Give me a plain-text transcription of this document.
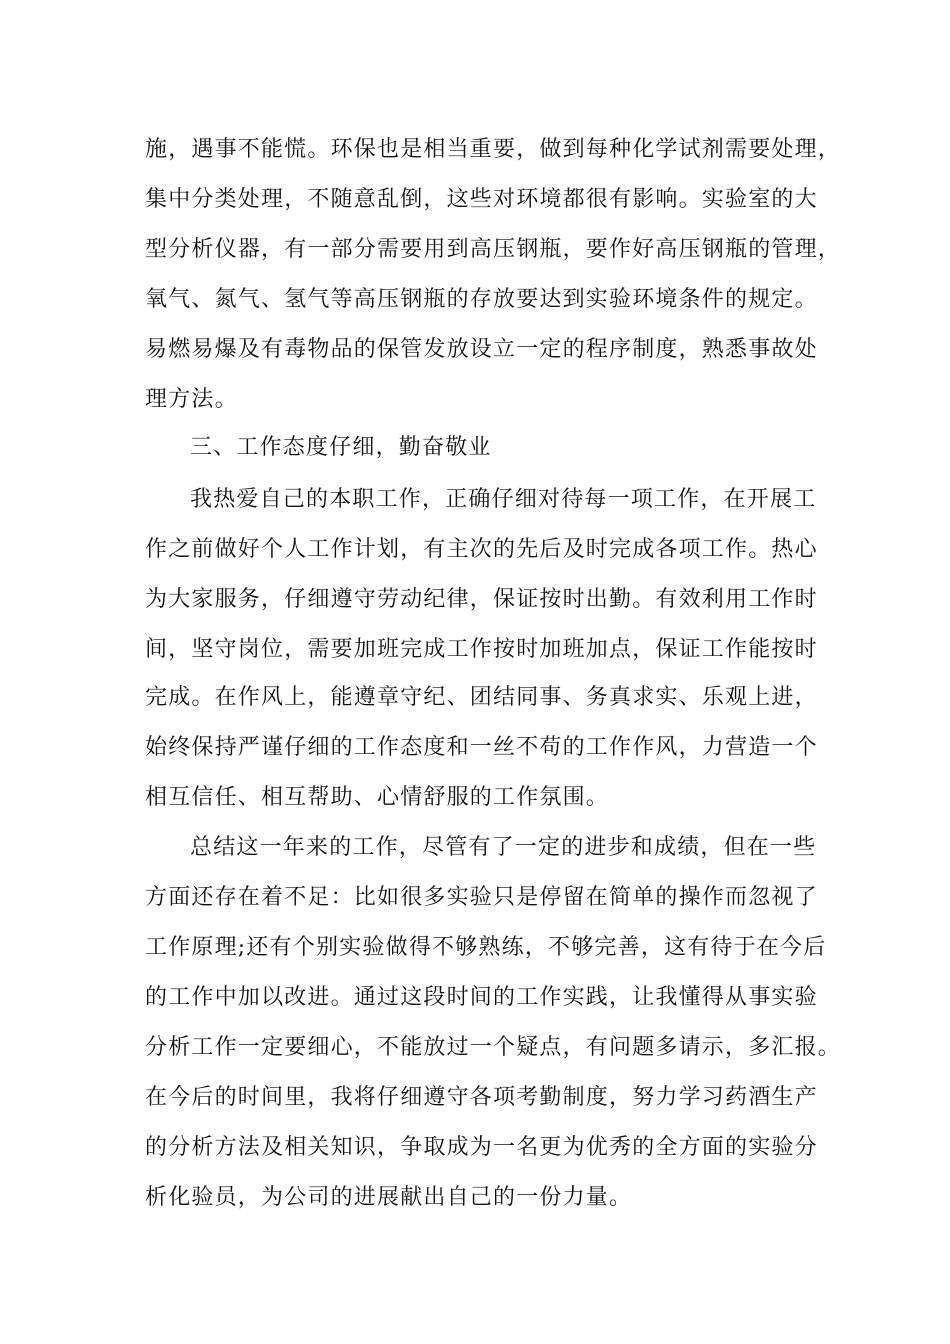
施，遇事不能慌。环保也是相当重要，做到每种化学试剂需要处理，

集中分类处理，不随意乱倒，这些对环境都很有影响。实验室的大

型分析仪器，有一部分需要用到高压钢瓶，要作好高压钢瓶的管理，

氧气、氮气、氢气等高压钢瓶的存放要达到实验环境条件的规定。

易燃易爆及有毒物品的保管发放设立一定的程序制度，熟悉事故处

理方法。

三、工作态度仔细，勤奋敬业

我热爱自己的本职工作，正确仔细对待每一项工作，在开展工

作之前做好个人工作计划，有主次的先后及时完成各项工作。热心

为大家服务，仔细遵守劳动纪律，保证按时出勤。有效利用工作时

间，坚守岗位，需要加班完成工作按时加班加点，保证工作能按时

完成。在作风上，能遵章守纪、团结同事、务真求实、乐观上进，

始终保持严谨仔细的工作态度和一丝不苟的工作作风，力营造一个

相互信任、相互帮助、心情舒服的工作氛围。

总结这一年来的工作，尽管有了一定的进步和成绩，但在一些

方面还存在着不足：比如很多实验只是停留在简单的操作而忽视了

工作原理;还有个别实验做得不够熟练，不够完善，这有待于在今后

的工作中加以改进。通过这段时间的工作实践，让我懂得从事实验

分析工作一定要细心，不能放过一个疑点，有问题多请示，多汇报。

在今后的时间里，我将仔细遵守各项考勤制度，努力学习药酒生产

的分析方法及相关知识，争取成为一名更为优秀的全方面的实验分

析化验员，为公司的进展献出自己的一份力量。
